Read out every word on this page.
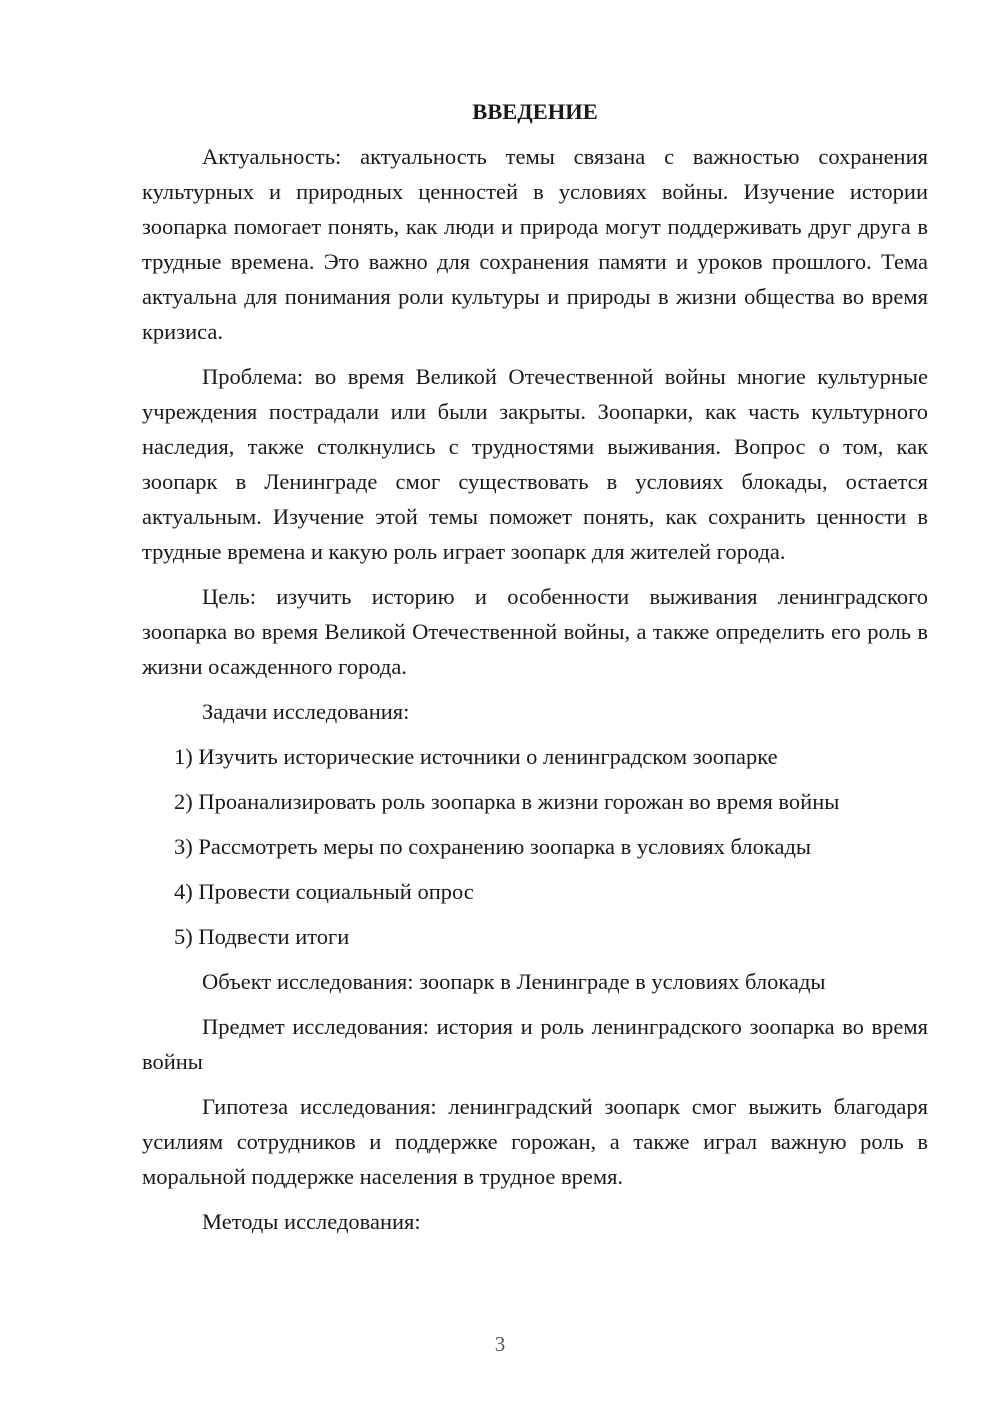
ВВЕДЕНИЕ

Актуальность: актуальность темы связана с важностью сохранения культурных и природных ценностей в условиях войны. Изучение истории зоопарка помогает понять, как люди и природа могут поддерживать друг друга в трудные времена. Это важно для сохранения памяти и уроков прошлого. Тема актуальна для понимания роли культуры и природы в жизни общества во время кризиса.

Проблема: во время Великой Отечественной войны многие культурные учреждения пострадали или были закрыты. Зоопарки, как часть культурного наследия, также столкнулись с трудностями выживания. Вопрос о том, как зоопарк в Ленинграде смог существовать в условиях блокады, остается актуальным. Изучение этой темы поможет понять, как сохранить ценности в трудные времена и какую роль играет зоопарк для жителей города.

Цель: изучить историю и особенности выживания ленинградского зоопарка во время Великой Отечественной войны, а также определить его роль в жизни осажденного города.

Задачи исследования:

1) Изучить исторические источники о ленинградском зоопарке

2) Проанализировать роль зоопарка в жизни горожан во время войны

3) Рассмотреть меры по сохранению зоопарка в условиях блокады

4) Провести социальный опрос

5) Подвести итоги

Объект исследования: зоопарк в Ленинграде в условиях блокады

Предмет исследования: история и роль ленинградского зоопарка во время войны

Гипотеза исследования: ленинградский зоопарк смог выжить благодаря усилиям сотрудников и поддержке горожан, а также играл важную роль в моральной поддержке населения в трудное время.

Методы исследования:

3
